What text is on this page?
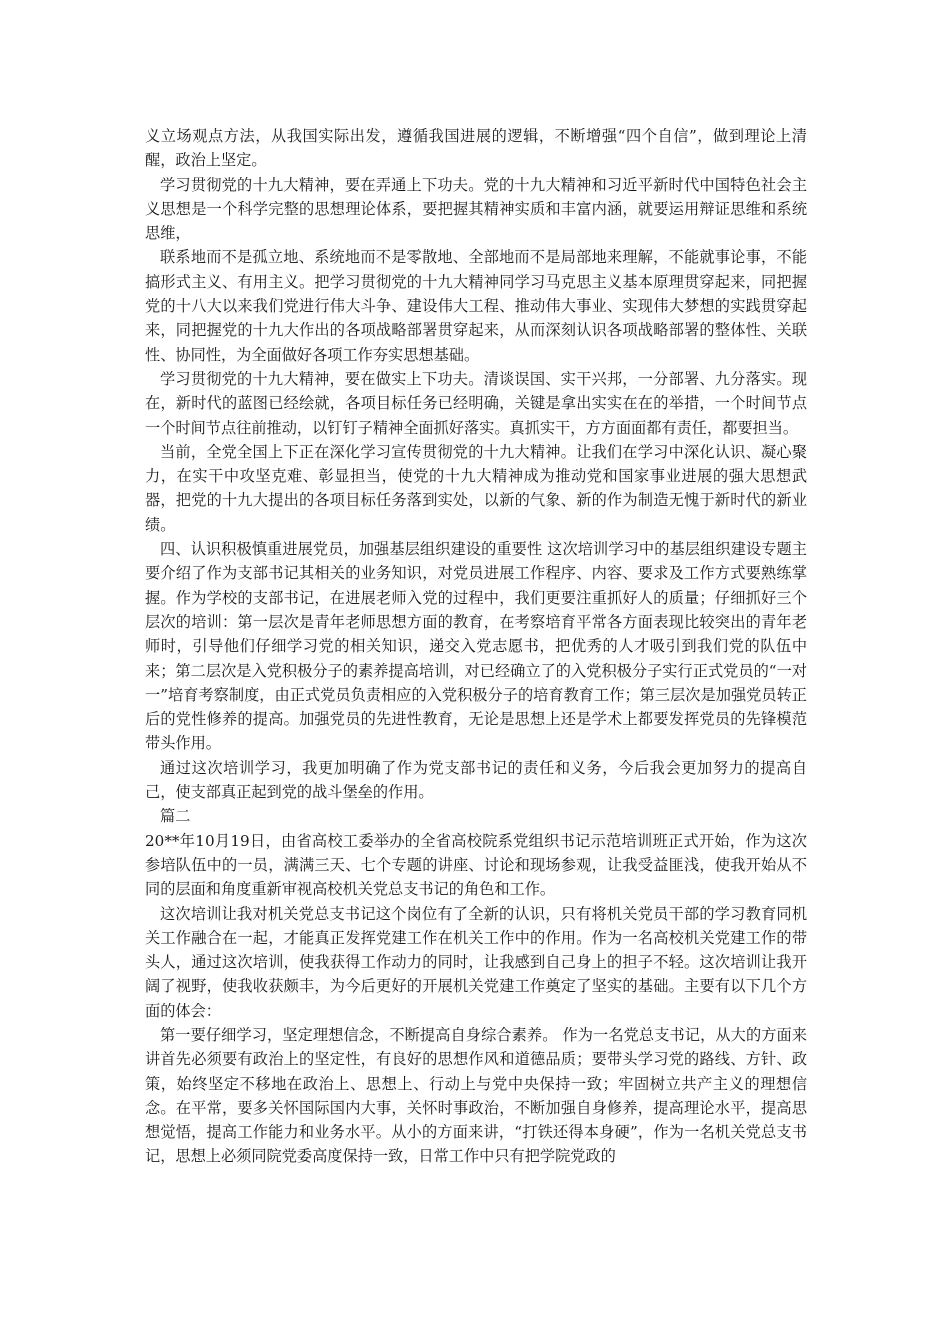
义立场观点方法，从我国实际出发，遵循我国进展的逻辑，不断增强“四个自信”，做到理论上清醒，政治上坚定。

学习贯彻党的十九大精神，要在弄通上下功夫。党的十九大精神和习近平新时代中国特色社会主义思想是一个科学完整的思想理论体系，要把握其精神实质和丰富内涵，就要运用辩证思维和系统思维，

联系地而不是孤立地、系统地而不是零散地、全部地而不是局部地来理解，不能就事论事，不能搞形式主义、有用主义。把学习贯彻党的十九大精神同学习马克思主义基本原理贯穿起来，同把握党的十八大以来我们党进行伟大斗争、建设伟大工程、推动伟大事业、实现伟大梦想的实践贯穿起来，同把握党的十九大作出的各项战略部署贯穿起来，从而深刻认识各项战略部署的整体性、关联性、协同性，为全面做好各项工作夯实思想基础。

学习贯彻党的十九大精神，要在做实上下功夫。清谈误国、实干兴邦，一分部署、九分落实。现在，新时代的蓝图已经绘就，各项目标任务已经明确，关键是拿出实实在在的举措，一个时间节点一个时间节点往前推动，以钉钉子精神全面抓好落实。真抓实干，方方面面都有责任，都要担当。

当前，全党全国上下正在深化学习宣传贯彻党的十九大精神。让我们在学习中深化认识、凝心聚力，在实干中攻坚克难、彰显担当，使党的十九大精神成为推动党和国家事业进展的强大思想武器，把党的十九大提出的各项目标任务落到实处，以新的气象、新的作为制造无愧于新时代的新业绩。

四、认识积极慎重进展党员，加强基层组织建设的重要性 这次培训学习中的基层组织建设专题主要介绍了作为支部书记其相关的业务知识，对党员进展工作程序、内容、要求及工作方式要熟练掌握。作为学校的支部书记，在进展老师入党的过程中，我们更要注重抓好人的质量；仔细抓好三个层次的培训：第一层次是青年老师思想方面的教育，在考察培育平常各方面表现比较突出的青年老师时，引导他们仔细学习党的相关知识，递交入党志愿书，把优秀的人才吸引到我们党的队伍中来；第二层次是入党积极分子的素养提高培训，对已经确立了的入党积极分子实行正式党员的“一对一”培育考察制度，由正式党员负责相应的入党积极分子的培育教育工作；第三层次是加强党员转正后的党性修养的提高。加强党员的先进性教育，无论是思想上还是学术上都要发挥党员的先锋模范带头作用。

通过这次培训学习，我更加明确了作为党支部书记的责任和义务，今后我会更加努力的提高自己，使支部真正起到党的战斗堡垒的作用。

篇二

20**年10月19日，由省高校工委举办的全省高校院系党组织书记示范培训班正式开始，作为这次参培队伍中的一员，满满三天、七个专题的讲座、讨论和现场参观，让我受益匪浅，使我开始从不同的层面和角度重新审视高校机关党总支书记的角色和工作。

这次培训让我对机关党总支书记这个岗位有了全新的认识，只有将机关党员干部的学习教育同机关工作融合在一起，才能真正发挥党建工作在机关工作中的作用。作为一名高校机关党建工作的带头人，通过这次培训，使我获得工作动力的同时，让我感到自己身上的担子不轻。这次培训让我开阔了视野，使我收获颇丰，为今后更好的开展机关党建工作奠定了坚实的基础。主要有以下几个方面的体会：

第一要仔细学习，坚定理想信念，不断提高自身综合素养。 作为一名党总支书记，从大的方面来讲首先必须要有政治上的坚定性，有良好的思想作风和道德品质；要带头学习党的路线、方针、政策，始终坚定不移地在政治上、思想上、行动上与党中央保持一致；牢固树立共产主义的理想信念。在平常，要多关怀国际国内大事，关怀时事政治，不断加强自身修养，提高理论水平，提高思想觉悟，提高工作能力和业务水平。从小的方面来讲，“打铁还得本身硬”，作为一名机关党总支书记，思想上必须同院党委高度保持一致，日常工作中只有把学院党政的
